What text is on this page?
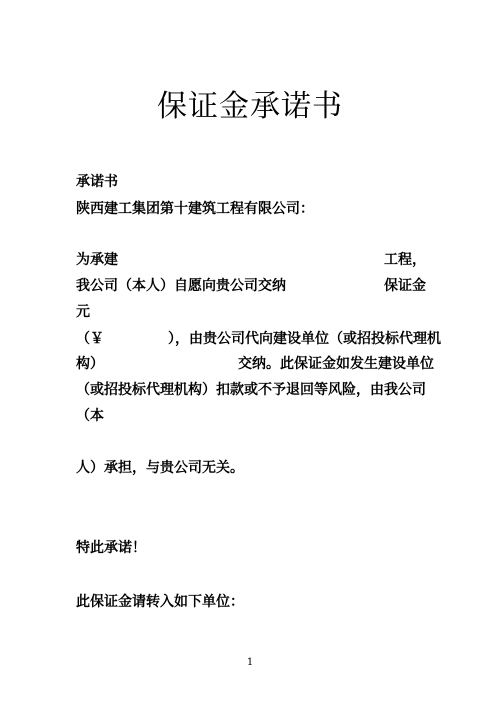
保证金承诺书
承诺书
陕西建工集团第十建筑工程有限公司：
为承建	工程，
我公司（本人）自愿向贵公司交纳	保证金
元
（￥	），由贵公司代向建设单位（或招投标代理机
构）	交纳。此保证金如发生建设单位
（或招投标代理机构）扣款或不予退回等风险，由我公司
（本
人）承担，与贵公司无关。
特此承诺！
此保证金请转入如下单位：
1
